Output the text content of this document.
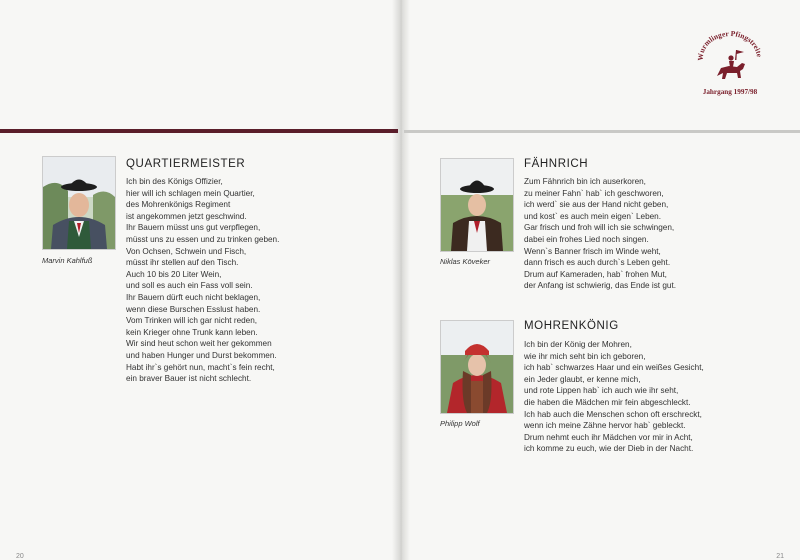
Wurmlinger Pfingstreite
Jahrgang 1997/98
Marvin Kahlfuß
QUARTIERMEISTER
Ich bin des Königs Offizier,
hier will ich schlagen mein Quartier,
des Mohrenkönigs Regiment
ist angekommen jetzt geschwind.
Ihr Bauern müsst uns gut verpflegen,
müsst uns zu essen und zu trinken geben.
Von Ochsen, Schwein und Fisch,
müsst ihr stellen auf den Tisch.
Auch 10 bis 20 Liter Wein,
und soll es auch ein Fass voll sein.
Ihr Bauern dürft euch nicht beklagen,
wenn diese Burschen Esslust haben.
Vom Trinken will ich gar nicht reden,
kein Krieger ohne Trunk kann leben.
Wir sind heut schon weit her gekommen
und haben Hunger und Durst bekommen.
Habt ihr`s gehört nun, macht`s fein recht,
ein braver Bauer ist nicht schlecht.
Niklas Köveker
FÄHNRICH
Zum Fähnrich bin ich auserkoren,
zu meiner Fahn` hab` ich geschworen,
ich werd` sie aus der Hand nicht geben,
und kost` es auch mein eigen` Leben.
Gar frisch und froh will ich sie schwingen,
dabei ein frohes Lied noch singen.
Wenn`s Banner frisch im Winde weht,
dann frisch es auch durch`s Leben geht.
Drum auf Kameraden, hab` frohen Mut,
der Anfang ist schwierig, das Ende ist gut.
Philipp Wolf
MOHRENKÖNIG
Ich bin der König der Mohren,
wie ihr mich seht bin ich geboren,
ich hab` schwarzes Haar und ein weißes Gesicht,
ein Jeder glaubt, er kenne mich,
und rote Lippen hab` ich auch wie ihr seht,
die haben die Mädchen mir fein abgeschleckt.
Ich hab auch die Menschen schon oft erschreckt,
wenn ich meine Zähne hervor hab` gebleckt.
Drum nehmt euch ihr Mädchen vor mir in Acht,
ich komme zu euch, wie der Dieb in der Nacht.
20	21
